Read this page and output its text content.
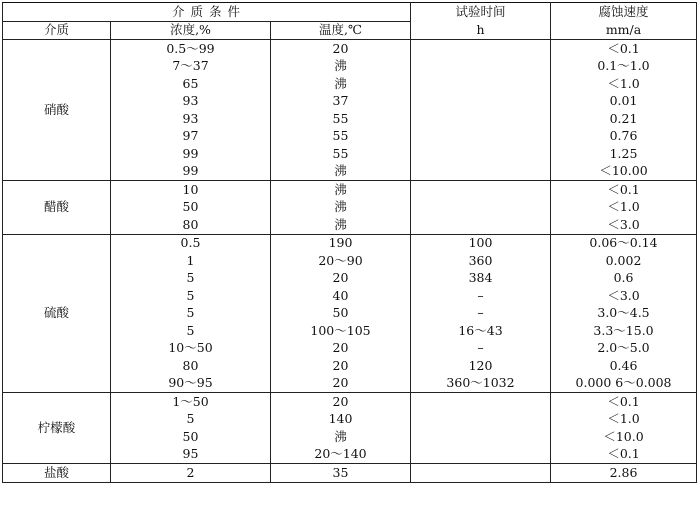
介 质 条 件			试验时间	腐蚀速度
介质	浓度,%	温度,℃	h	mm/a
硝酸	0.5～99	20		＜0.1
	7～37	沸		0.1～1.0
	65	沸		＜1.0
	93	37		0.01
	93	55		0.21
	97	55		0.76
	99	55		1.25
	99	沸		＜10.00
醋酸	10	沸		＜0.1
	50	沸		＜1.0
	80	沸		＜3.0
硫酸	0.5	190	100	0.06～0.14
	1	20～90	360	0.002
	5	20	384	0.6
	5	40	–	＜3.0
	5	50	–	3.0～4.5
	5	100～105	16～43	3.3～15.0
	10～50	20	–	2.0～5.0
	80	20	120	0.46
	90～95	20	360～1032	0.000 6～0.008
柠檬酸	1～50	20		＜0.1
	5	140		＜1.0
	50	沸		＜10.0
	95	20～140		＜0.1
盐酸	2	35		2.86
